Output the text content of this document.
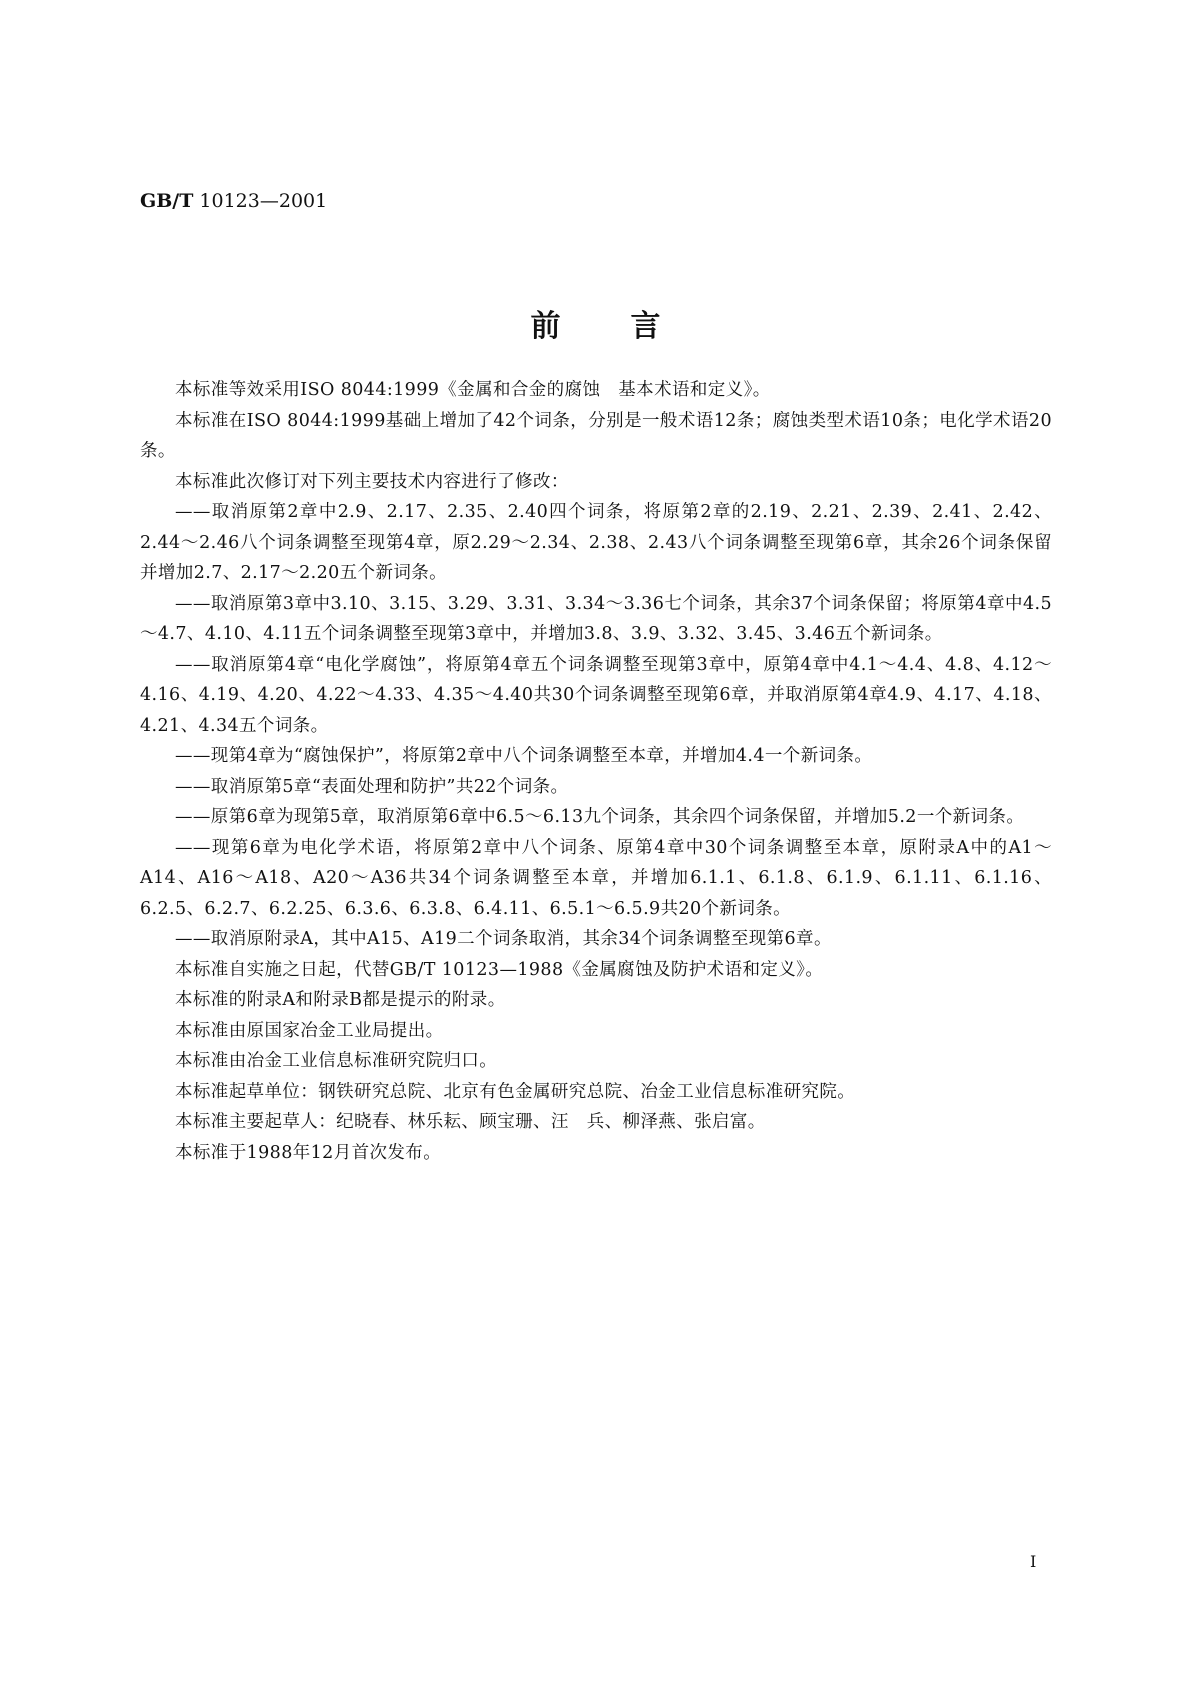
GB/T 10123—2001
前言

本标准等效采用ISO 8044:1999《金属和合金的腐蚀　基本术语和定义》。

本标准在ISO 8044:1999基础上增加了42个词条，分别是一般术语12条；腐蚀类型术语10条；电化学术语20条。

本标准此次修订对下列主要技术内容进行了修改：

——取消原第2章中2.9、2.17、2.35、2.40四个词条，将原第2章的2.19、2.21、2.39、2.41、2.42、2.44～2.46八个词条调整至现第4章，原2.29～2.34、2.38、2.43八个词条调整至现第6章，其余26个词条保留并增加2.7、2.17～2.20五个新词条。

——取消原第3章中3.10、3.15、3.29、3.31、3.34～3.36七个词条，其余37个词条保留；将原第4章中4.5～4.7、4.10、4.11五个词条调整至现第3章中，并增加3.8、3.9、3.32、3.45、3.46五个新词条。

——取消原第4章“电化学腐蚀”，将原第4章五个词条调整至现第3章中，原第4章中4.1～4.4、4.8、4.12～4.16、4.19、4.20、4.22～4.33、4.35～4.40共30个词条调整至现第6章，并取消原第4章4.9、4.17、4.18、4.21、4.34五个词条。

——现第4章为“腐蚀保护”，将原第2章中八个词条调整至本章，并增加4.4一个新词条。

——取消原第5章“表面处理和防护”共22个词条。

——原第6章为现第5章，取消原第6章中6.5～6.13九个词条，其余四个词条保留，并增加5.2一个新词条。

——现第6章为电化学术语，将原第2章中八个词条、原第4章中30个词条调整至本章，原附录A中的A1～A14、A16～A18、A20～A36共34个词条调整至本章，并增加6.1.1、6.1.8、6.1.9、6.1.11、6.1.16、6.2.5、6.2.7、6.2.25、6.3.6、6.3.8、6.4.11、6.5.1～6.5.9共20个新词条。

——取消原附录A，其中A15、A19二个词条取消，其余34个词条调整至现第6章。

本标准自实施之日起，代替GB/T 10123—1988《金属腐蚀及防护术语和定义》。

本标准的附录A和附录B都是提示的附录。

本标准由原国家冶金工业局提出。

本标准由冶金工业信息标准研究院归口。

本标准起草单位：钢铁研究总院、北京有色金属研究总院、冶金工业信息标准研究院。

本标准主要起草人：纪晓春、林乐耘、顾宝珊、汪　兵、柳泽燕、张启富。

本标准于1988年12月首次发布。

I
